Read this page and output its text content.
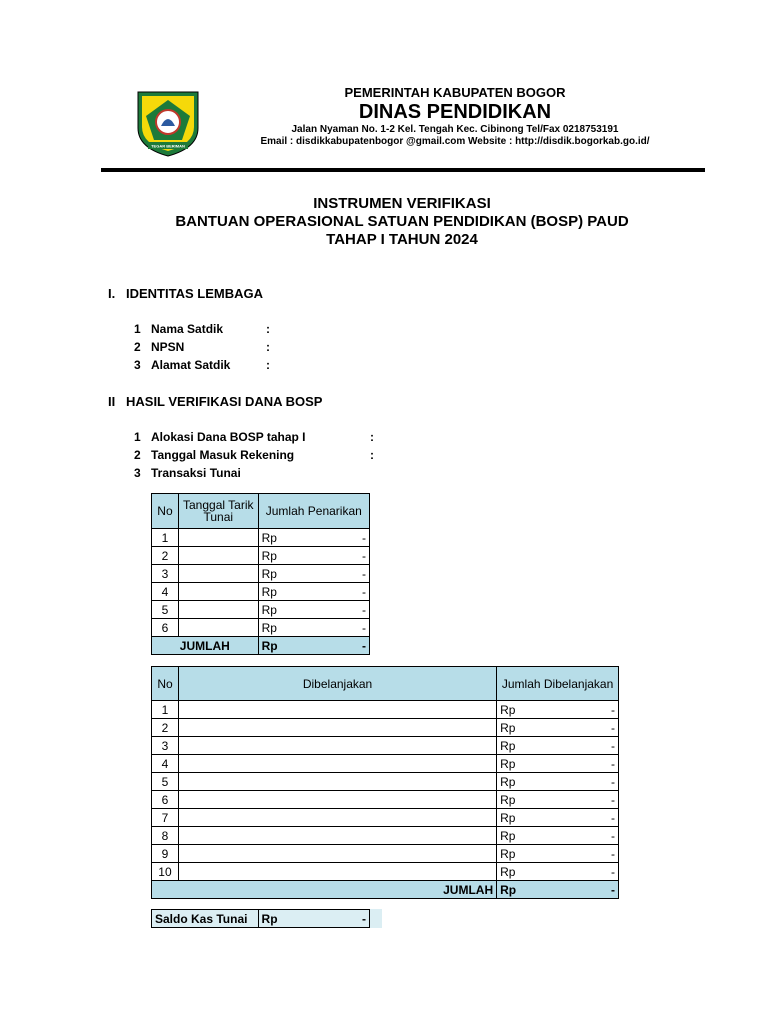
TEGAR BERIMAN
PEMERINTAH KABUPATEN BOGOR
DINAS PENDIDIKAN
Jalan Nyaman No. 1-2 Kel. Tengah Kec. Cibinong Tel/Fax 0218753191
Email : disdikkabupatenbogor @gmail.com Website : http://disdik.bogorkab.go.id/
INSTRUMEN VERIFIKASI
BANTUAN OPERASIONAL SATUAN PENDIDIKAN (BOSP) PAUD
TAHAP I TAHUN 2024
I. IDENTITAS LEMBAGA
1 Nama Satdik	:
2 NPSN	:
3 Alamat Satdik	:
II HASIL VERIFIKASI DANA BOSP
1 Alokasi Dana BOSP tahap I	:
2 Tanggal Masuk Rekening	:
3 Transaksi Tunai
No	Tanggal Tarik Tunai	Jumlah Penarikan
1		Rp -

2		Rp -

3		Rp -

4		Rp -

5		Rp -

6		Rp -

JUMLAH		Rp -
No	Dibelanjakan	Jumlah Dibelanjakan
1		Rp -

2		Rp -

3		Rp -

4		Rp -

5		Rp -

6		Rp -

7		Rp -

8		Rp -

9		Rp -

10		Rp -

JUMLAH		Rp -
Saldo Kas Tunai	Rp	-
